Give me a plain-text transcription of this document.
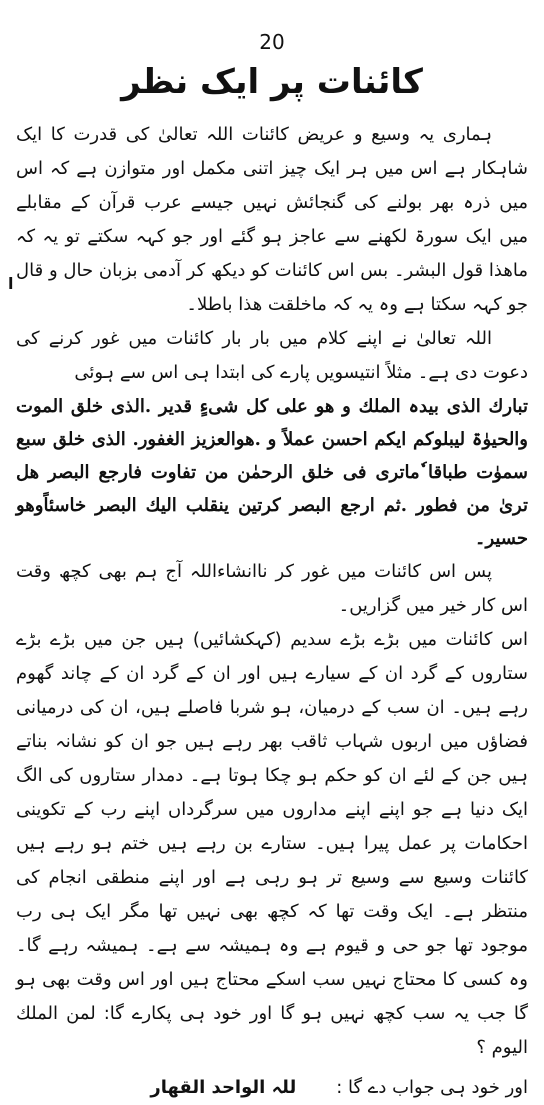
20
کائنات پر ایک نظر
ا

ہماری یہ وسیع و عریض کائنات اللہ تعالیٰ کی قدرت کا ایک شاہکار ہے اس میں ہر ایک چیز اتنی مکمل اور متوازن ہے کہ اس میں ذرہ بھر بولنے کی گنجائش نہیں جیسے عرب قرآن کے مقابلے میں ایک سورۃ لکھنے سے عاجز ہو گئے اور جو کہہ سکتے تو یہ کہ ماھذا قول البشر۔ بس اس کائنات کو دیکھ کر آدمی بزبان حال و قال جو کہہ سکتا ہے وہ یہ کہ ماخلقت ھذا باطلا۔

اللہ تعالیٰ نے اپنے کلام میں بار بار کائنات میں غور کرنے کی دعوت دی ہے۔ مثلاً انتیسویں پارے کی ابتدا ہی اس سے ہوئی

تبارك الذی بیدہ الملك و هو علی كل شیءٍ قدیر .الذی خلق الموت والحیوٰۃ لیبلوکم ایکم احسن عملاً و .هوالعزیز الغفور. الذی خلق سبع سموٰت طباقا ٗماتری فی خلق الرحمٰن من تفاوت فارجع البصر هل تریٰ من فطور .ثم ارجع البصر کرتین ینقلب الیك البصر خاسئاًوهو حسیر۔

پس اس کائنات میں غور کر ناانشاءاللہ آج ہم بھی کچھ وقت اس کار خیر میں گزاریں۔

اس کائنات میں بڑے بڑے سدیم (کہکشائیں) ہیں جن میں بڑے بڑے ستاروں کے گرد ان کے سیارے ہیں اور ان کے گرد ان کے چاند گھوم رہے ہیں۔ ان سب کے درمیان، ہو شربا فاصلے ہیں، ان کی درمیانی فضاؤں میں اربوں شہاب ثاقب بھر رہے ہیں جو ان کو نشانہ بناتے ہیں جن کے لئے ان کو حکم ہو چکا ہوتا ہے۔ دمدار ستاروں کی الگ ایک دنیا ہے جو اپنے اپنے مداروں میں سرگرداں اپنے رب کے تکوینی احکامات پر عمل پیرا ہیں۔ ستارے بن رہے ہیں ختم ہو رہے ہیں کائنات وسیع سے وسیع تر ہو رہی ہے اور اپنے منطقی انجام کی منتظر ہے۔ ایک وقت تھا کہ کچھ بھی نہیں تھا مگر ایک ہی رب موجود تھا جو حی و قیوم ہے وہ ہمیشہ سے ہے۔ ہمیشہ رہے گا۔ وہ کسی کا محتاج نہیں سب اسکے محتاج ہیں اور اس وقت بھی ہو گا جب یہ سب کچھ نہیں ہو گا اور خود ہی پکارے گا: لمن الملك الیوم ؟

اور خود ہی جواب دے گا :
للہ الواحد القهار
